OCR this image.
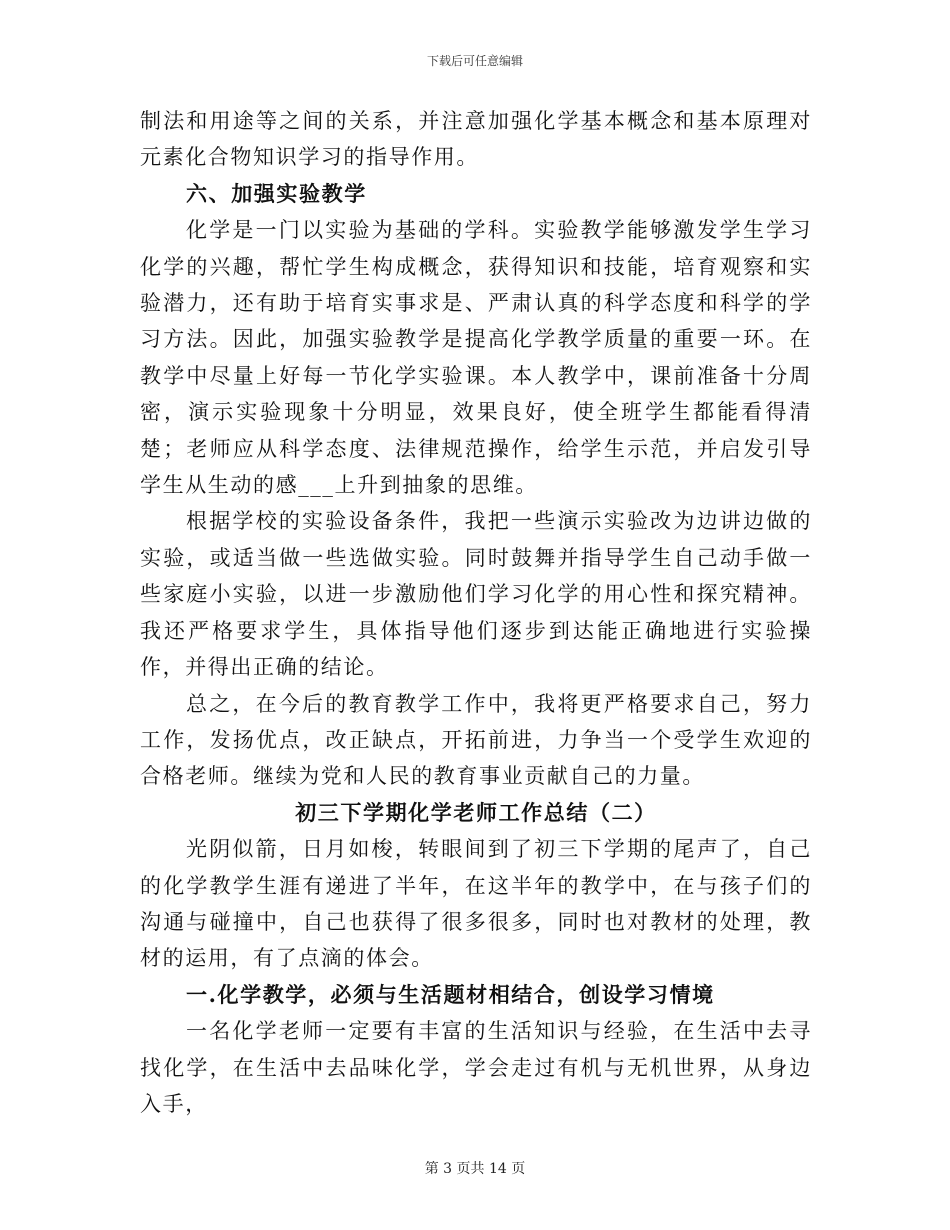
下载后可任意编辑

制法和用途等之间的关系，并注意加强化学基本概念和基本原理对元素化合物知识学习的指导作用。

六、加强实验教学

化学是一门以实验为基础的学科。实验教学能够激发学生学习化学的兴趣，帮忙学生构成概念，获得知识和技能，培育观察和实验潜力，还有助于培育实事求是、严肃认真的科学态度和科学的学习方法。因此，加强实验教学是提高化学教学质量的重要一环。在教学中尽量上好每一节化学实验课。本人教学中，课前准备十分周密，演示实验现象十分明显，效果良好，使全班学生都能看得清楚；老师应从科学态度、法律规范操作，给学生示范，并启发引导学生从生动的感___上升到抽象的思维。

根据学校的实验设备条件，我把一些演示实验改为边讲边做的实验，或适当做一些选做实验。同时鼓舞并指导学生自己动手做一些家庭小实验，以进一步激励他们学习化学的用心性和探究精神。我还严格要求学生，具体指导他们逐步到达能正确地进行实验操作，并得出正确的结论。

总之，在今后的教育教学工作中，我将更严格要求自己，努力工作，发扬优点，改正缺点，开拓前进，力争当一个受学生欢迎的合格老师。继续为党和人民的教育事业贡献自己的力量。

初三下学期化学老师工作总结（二）

光阴似箭，日月如梭，转眼间到了初三下学期的尾声了，自己的化学教学生涯有递进了半年，在这半年的教学中，在与孩子们的沟通与碰撞中，自己也获得了很多很多，同时也对教材的处理，教材的运用，有了点滴的体会。

一.化学教学，必须与生活题材相结合，创设学习情境

一名化学老师一定要有丰富的生活知识与经验，在生活中去寻找化学，在生活中去品味化学，学会走过有机与无机世界，从身边入手，

第 3 页共 14 页
